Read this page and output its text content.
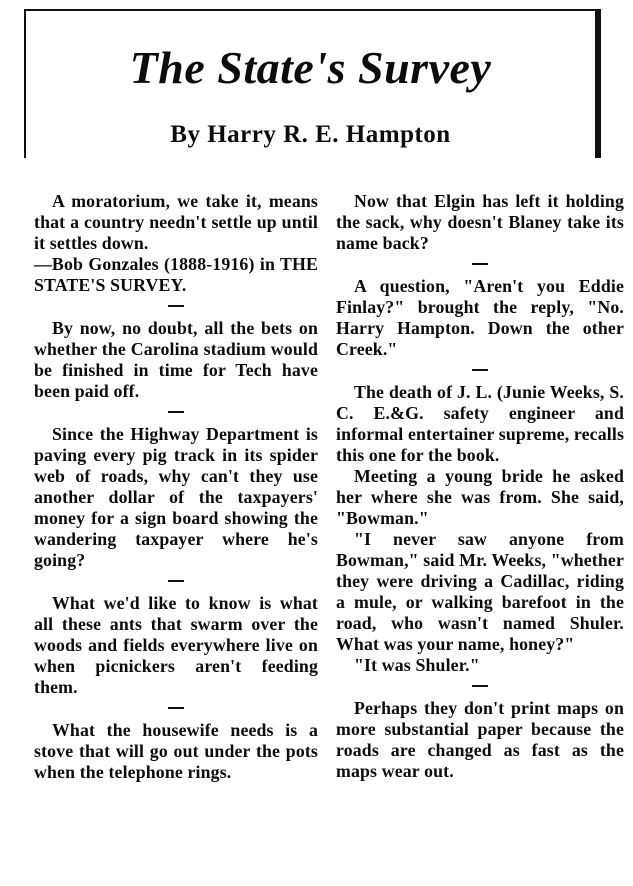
The State's Survey
By Harry R. E. Hampton

A moratorium, we take it, means that a country needn't settle up until it settles down.

—Bob Gonzales (1888-1916) in THE STATE'S SURVEY.

By now, no doubt, all the bets on whether the Carolina stadium would be finished in time for Tech have been paid off.

Since the Highway Department is paving every pig track in its spider web of roads, why can't they use another dollar of the taxpayers' money for a sign board showing the wandering taxpayer where he's going?

What we'd like to know is what all these ants that swarm over the woods and fields everywhere live on when picnickers aren't feeding them.

What the housewife needs is a stove that will go out under the pots when the telephone rings.

Now that Elgin has left it holding the sack, why doesn't Blaney take its name back?

A question, "Aren't you Eddie Finlay?" brought the reply, "No. Harry Hampton. Down the other Creek."

The death of J. L. (Junie Weeks, S. C. E.&G. safety engineer and informal entertainer supreme, recalls this one for the book.

Meeting a young bride he asked her where she was from. She said, "Bowman."

"I never saw anyone from Bowman," said Mr. Weeks, "whether they were driving a Cadillac, riding a mule, or walking barefoot in the road, who wasn't named Shuler. What was your name, honey?"

"It was Shuler."

Perhaps they don't print maps on more substantial paper because the roads are changed as fast as the maps wear out.
